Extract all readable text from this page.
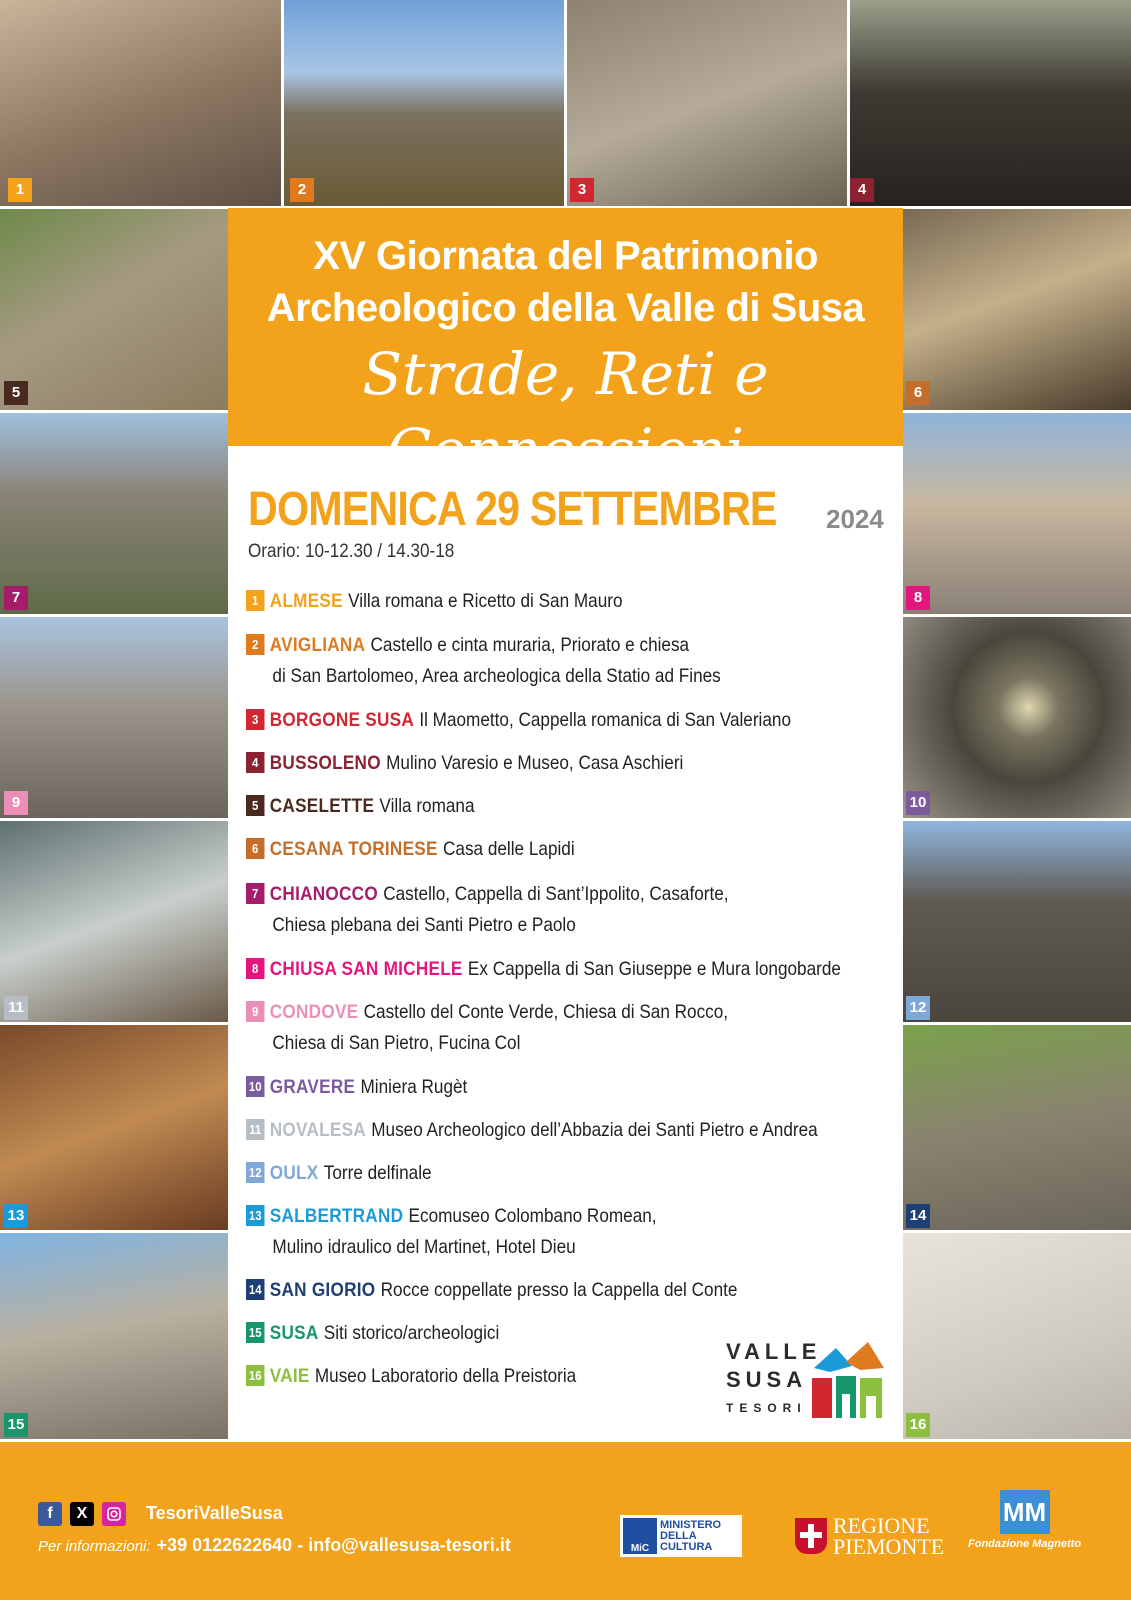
1	2	3	4
5	6
7	8
9	10
11	12
13	14
15	16
XV Giornata del Patrimonio
Archeologico della Valle di Susa
Strade, Reti e Connessioni
DOMENICA 29 SETTEMBRE	2024
Orario: 10-12.30 / 14.30-18
1 ALMESE Villa romana e Ricetto di San Mauro
2 AVIGLIANA Castello e cinta muraria, Priorato e chiesa
di San Bartolomeo, Area archeologica della Statio ad Fines
3 BORGONE SUSA Il Maometto, Cappella romanica di San Valeriano
4 BUSSOLENO Mulino Varesio e Museo, Casa Aschieri
5 CASELETTE Villa romana
6 CESANA TORINESE Casa delle Lapidi
7 CHIANOCCO Castello, Cappella di Sant’Ippolito, Casaforte,
Chiesa plebana dei Santi Pietro e Paolo
8 CHIUSA SAN MICHELE Ex Cappella di San Giuseppe e Mura longobarde
9 CONDOVE Castello del Conte Verde, Chiesa di San Rocco,
Chiesa di San Pietro, Fucina Col
10 GRAVERE Miniera Rugèt
11 NOVALESA Museo Archeologico dell’Abbazia dei Santi Pietro e Andrea
12 OULX Torre delfinale
13 SALBERTRAND Ecomuseo Colombano Romean,
Mulino idraulico del Martinet, Hotel Dieu
14 SAN GIORIO Rocce coppellate presso la Cappella del Conte
15 SUSA Siti storico/archeologici
16 VAIE Museo Laboratorio della Preistoria
VALLE
SUSA
TESORI
f	X	TesoriValleSusa
Per informazioni: +39 0122622640 - info@vallesusa-tesori.it	MiC
MINISTERO
DELLA
CULTURA
REGIONE
PIEMONTE
MM
Fondazione Magnetto
